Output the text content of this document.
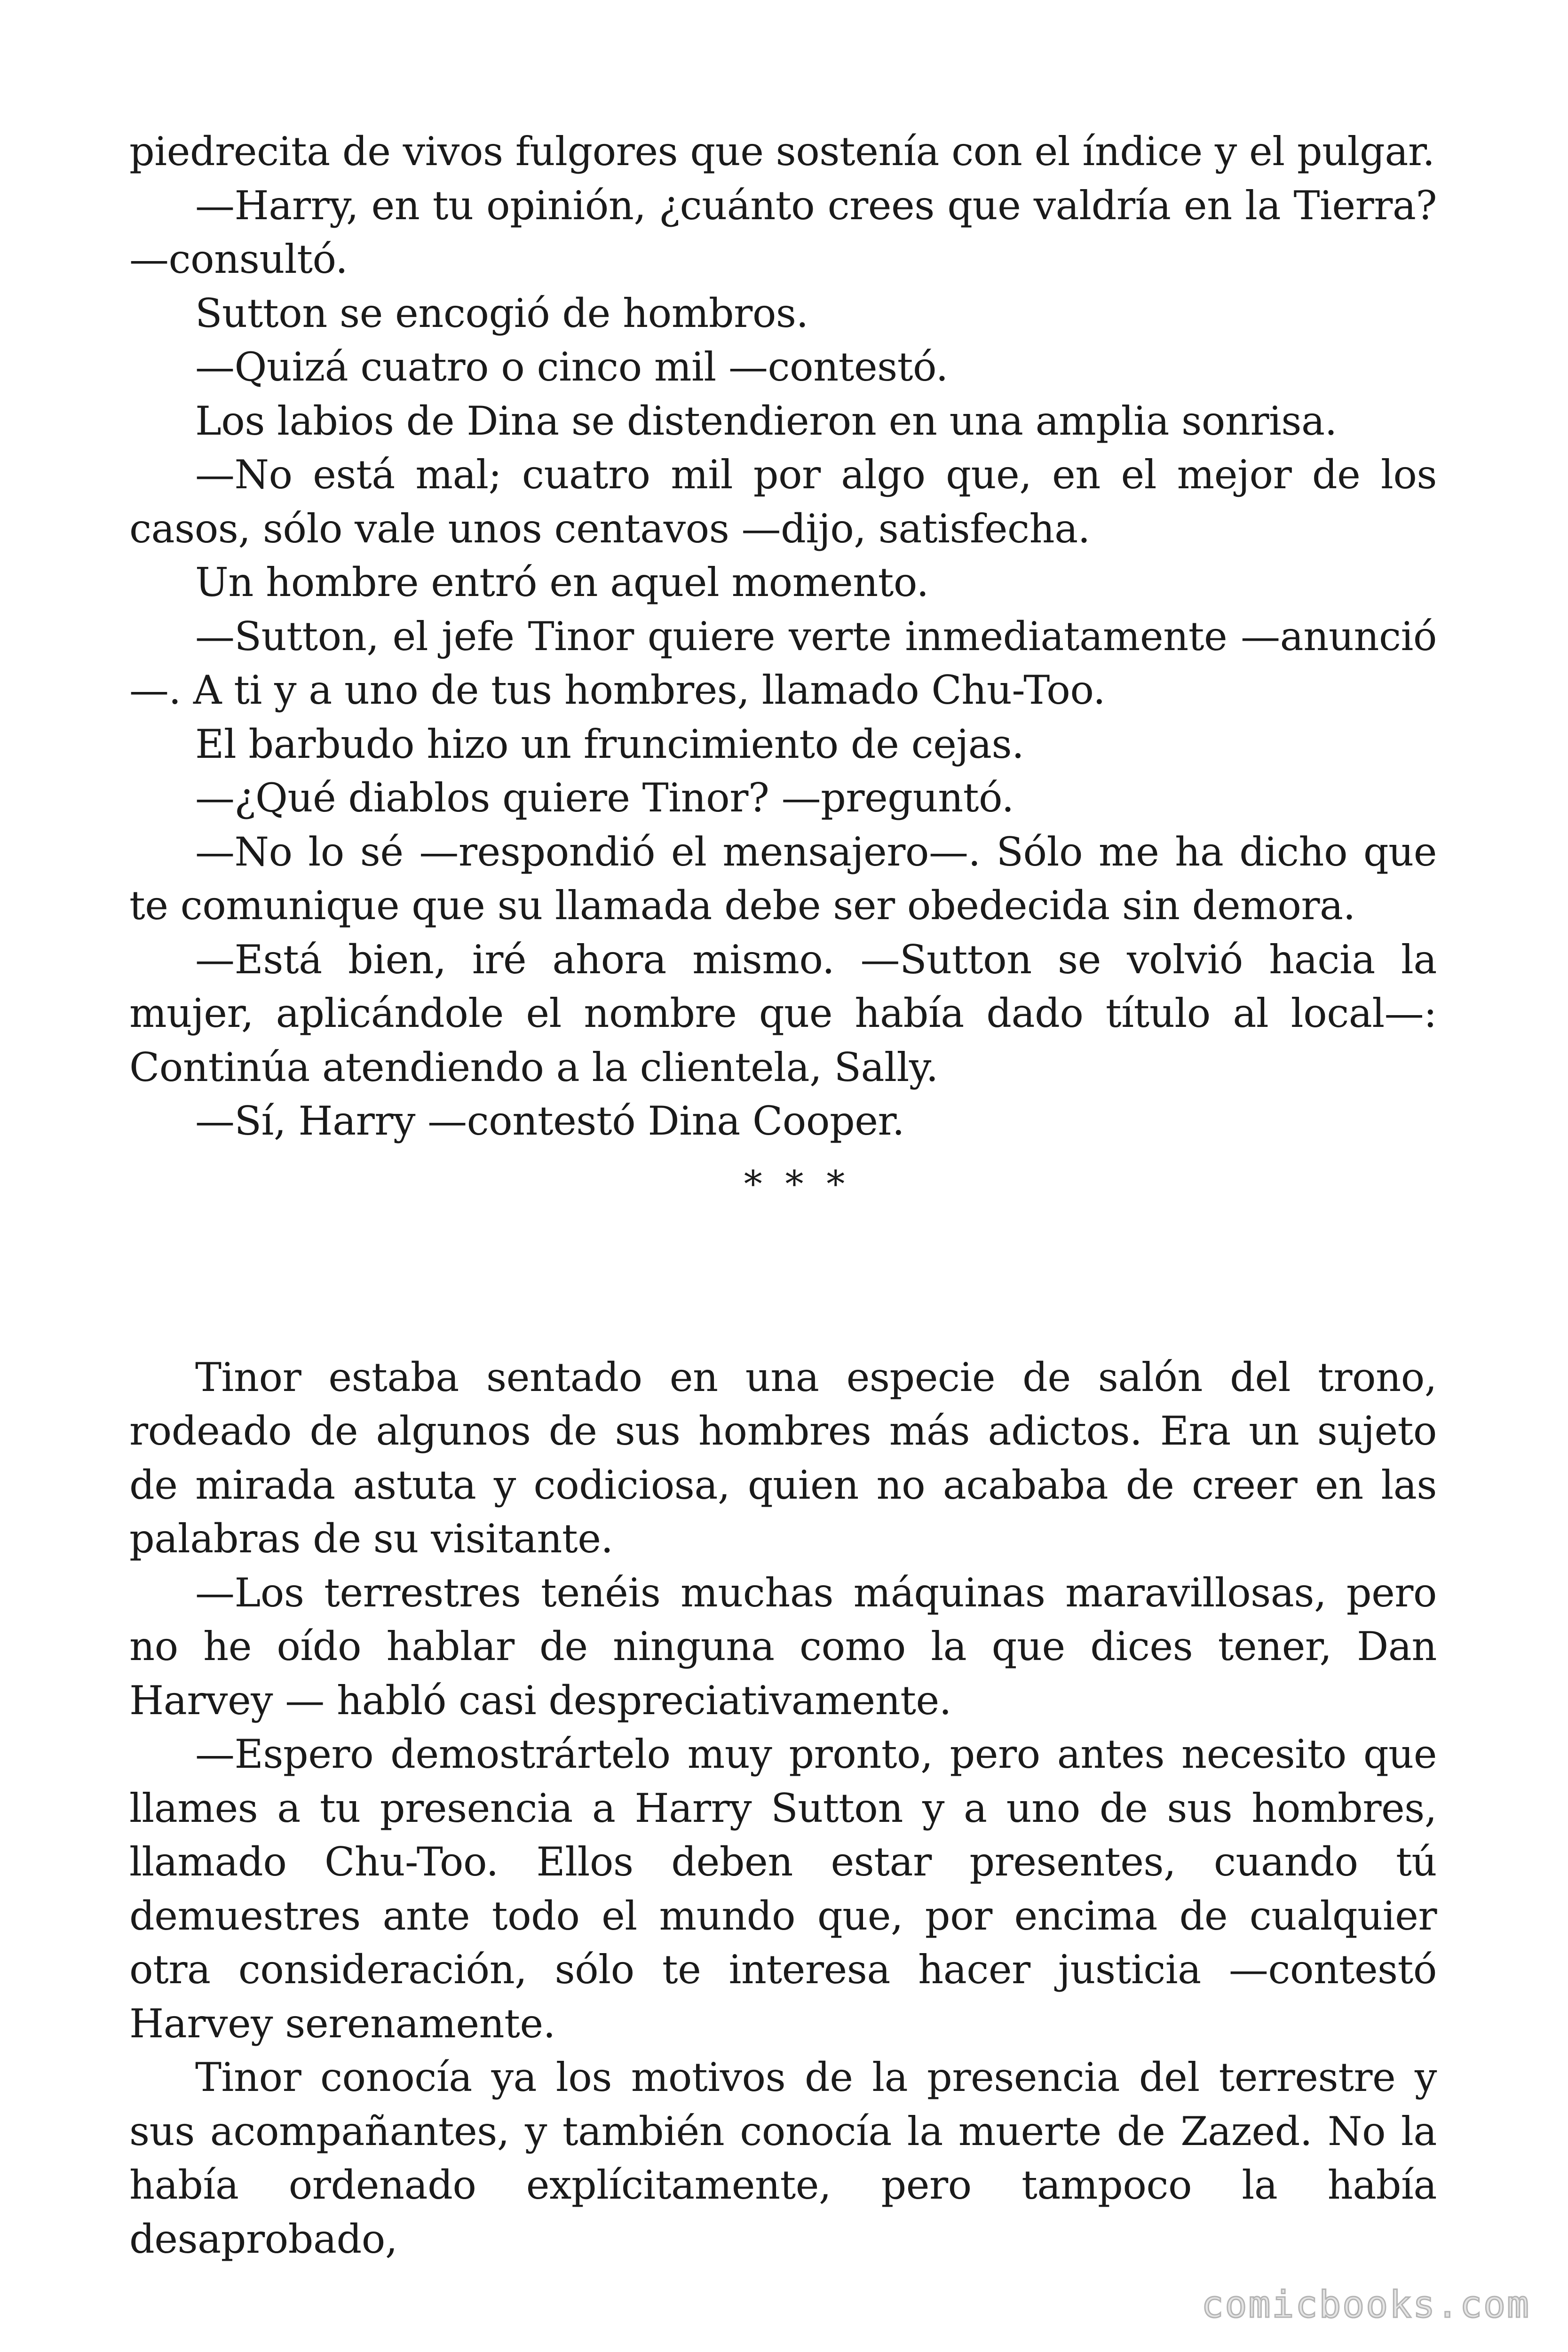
piedrecita de vivos fulgores que sostenía con el índice y el pulgar.

—Harry, en tu opinión, ¿cuánto crees que valdría en la Tierra? —consultó.

Sutton se encogió de hombros.

—Quizá cuatro o cinco mil —contestó.

Los labios de Dina se distendieron en una amplia sonrisa.

—No está mal; cuatro mil por algo que, en el mejor de los casos, sólo vale unos centavos —dijo, satisfecha.

Un hombre entró en aquel momento.

—Sutton, el jefe Tinor quiere verte inmediatamente —anunció —. A ti y a uno de tus hombres, llamado Chu-Too.

El barbudo hizo un fruncimiento de cejas.

—¿Qué diablos quiere Tinor? —preguntó.

—No lo sé —respondió el mensajero—. Sólo me ha dicho que te comunique que su llamada debe ser obedecida sin demora.

—Está bien, iré ahora mismo. —Sutton se volvió hacia la mujer, aplicándole el nombre que había dado título al local—: Continúa atendiendo a la clientela, Sally.

—Sí, Harry —contestó Dina Cooper.

* * *

Tinor estaba sentado en una especie de salón del trono, rodeado de algunos de sus hombres más adictos. Era un sujeto de mirada astuta y codiciosa, quien no acababa de creer en las palabras de su visitante.

—Los terrestres tenéis muchas máquinas maravillosas, pero no he oído hablar de ninguna como la que dices tener, Dan Harvey — habló casi despreciativamente.

—Espero demostrártelo muy pronto, pero antes necesito que llames a tu presencia a Harry Sutton y a uno de sus hombres, llamado Chu-Too. Ellos deben estar presentes, cuando tú demuestres ante todo el mundo que, por encima de cualquier otra consideración, sólo te interesa hacer justicia —contestó Harvey serenamente.

Tinor conocía ya los motivos de la presencia del terrestre y sus acompañantes, y también conocía la muerte de Zazed. No la había ordenado explícitamente, pero tampoco la había desaprobado,

comicbooks.com
